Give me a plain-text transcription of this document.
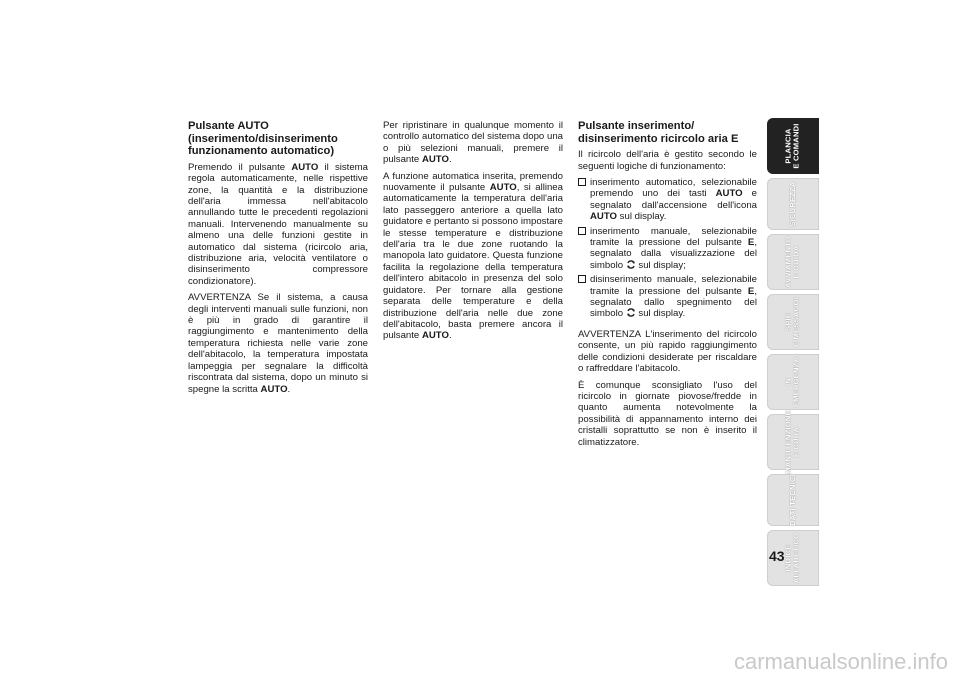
Pulsante AUTO (inserimento/disinserimento funzionamento automatico)

Premendo il pulsante AUTO il sistema regola automaticamente, nelle rispettive zone, la quantità e la distribuzione dell'aria immessa nell'abitacolo annullando tutte le precedenti regolazioni manuali. Intervenendo manualmente su almeno una delle funzioni gestite in automatico dal sistema (ricircolo aria, distribuzione aria, velocità ventilatore o disinserimento compressore condizionatore).

AVVERTENZA Se il sistema, a causa degli interventi manuali sulle funzioni, non è più in grado di garantire il raggiungimento e mantenimento della temperatura richiesta nelle varie zone dell'abitacolo, la temperatura impostata lampeggia per segnalare la difficoltà riscontrata dal sistema, dopo un minuto si spegne la scritta AUTO.

Per ripristinare in qualunque momento il controllo automatico del sistema dopo una o più selezioni manuali, premere il pulsante AUTO.

A funzione automatica inserita, premendo nuovamente il pulsante AUTO, si allinea automaticamente la temperatura dell'aria lato passeggero anteriore a quella lato guidatore e pertanto si possono impostare le stesse temperature e distribuzione dell'aria tra le due zone ruotando la manopola lato guidatore. Questa funzione facilita la regolazione della temperatura dell'intero abitacolo in presenza del solo guidatore. Per tornare alla gestione separata delle temperature e della distribuzione dell'aria nelle due zone dell'abitacolo, basta premere ancora il pulsante AUTO.

Pulsante inserimento/ disinserimento ricircolo aria E

Il ricircolo dell'aria è gestito secondo le seguenti logiche di funzionamento:

inserimento automatico, selezionabile premendo uno dei tasti AUTO e segnalato dall'accensione dell'icona AUTO sul display.
inserimento manuale, selezionabile tramite la pressione del pulsante E, segnalato dalla visualizzazione del simbolo  sul display;
disinserimento manuale, selezionabile tramite la pressione del pulsante E, segnalato dallo spegnimento del simbolo  sul display.

AVVERTENZA L'inserimento del ricircolo consente, un più rapido raggiungimento delle condizioni desiderate per riscaldare o raffreddare l'abitacolo.

È comunque sconsigliato l'uso del ricircolo in giornate piovose/fredde in quanto aumenta notevolmente la possibilità di appannamento interno dei cristalli soprattutto se non è inserito il climatizzatore.

PLANCIA
E COMANDI
SICUREZZA
AVVIAMENTO
E GUIDA
SPIE
E MESSAGGI
IN
EMERGENZA
MANUTENZIONE
E CURA
DATI TECNICI
INDICE
ALFABETICO
43
carmanualsonline.info
